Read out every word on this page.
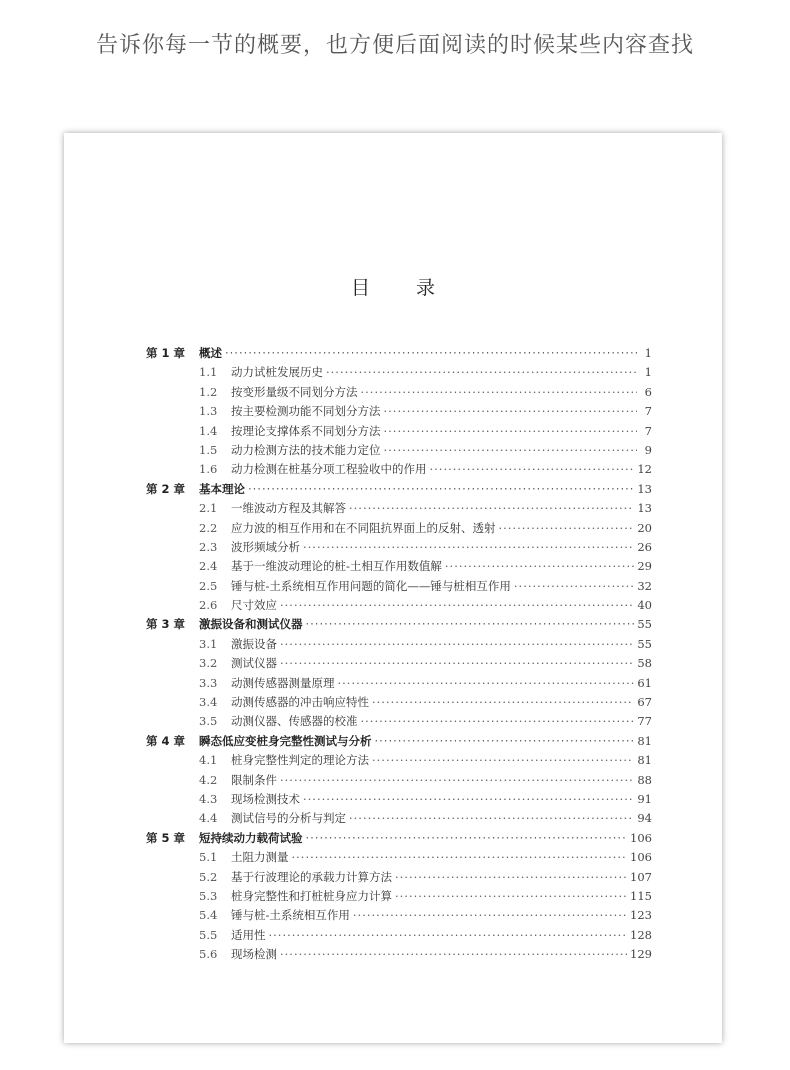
告诉你每一节的概要，也方便后面阅读的时候某些内容查找
目 录
第 1 章	概述 ·····	1
1.1	动力试桩发展历史 ·····	1
1.2	按变形量级不同划分方法 ·····	6
1.3	按主要检测功能不同划分方法 ·····	7
1.4	按理论支撑体系不同划分方法 ·····	7
1.5	动力检测方法的技术能力定位 ·····	9
1.6	动力检测在桩基分项工程验收中的作用 ·····	12
第 2 章	基本理论 ·····	13
2.1	一维波动方程及其解答 ·····	13
2.2	应力波的相互作用和在不同阻抗界面上的反射、透射 ·····	20
2.3	波形频域分析 ·····	26
2.4	基于一维波动理论的桩-土相互作用数值解 ·····	29
2.5	锤与桩-土系统相互作用问题的简化——锤与桩相互作用 ·····	32
2.6	尺寸效应 ·····	40
第 3 章	激振设备和测试仪器 ·····	55
3.1	激振设备 ·····	55
3.2	测试仪器 ·····	58
3.3	动测传感器测量原理 ·····	61
3.4	动测传感器的冲击响应特性 ·····	67
3.5	动测仪器、传感器的校准 ·····	77
第 4 章	瞬态低应变桩身完整性测试与分析 ·····	81
4.1	桩身完整性判定的理论方法 ·····	81
4.2	限制条件 ·····	88
4.3	现场检测技术 ·····	91
4.4	测试信号的分析与判定 ·····	94
第 5 章	短持续动力载荷试验 ·····	106
5.1	土阻力测量 ·····	106
5.2	基于行波理论的承载力计算方法 ·····	107
5.3	桩身完整性和打桩桩身应力计算 ·····	115
5.4	锤与桩-土系统相互作用 ·····	123
5.5	适用性 ·····	128
5.6	现场检测 ·····	129
